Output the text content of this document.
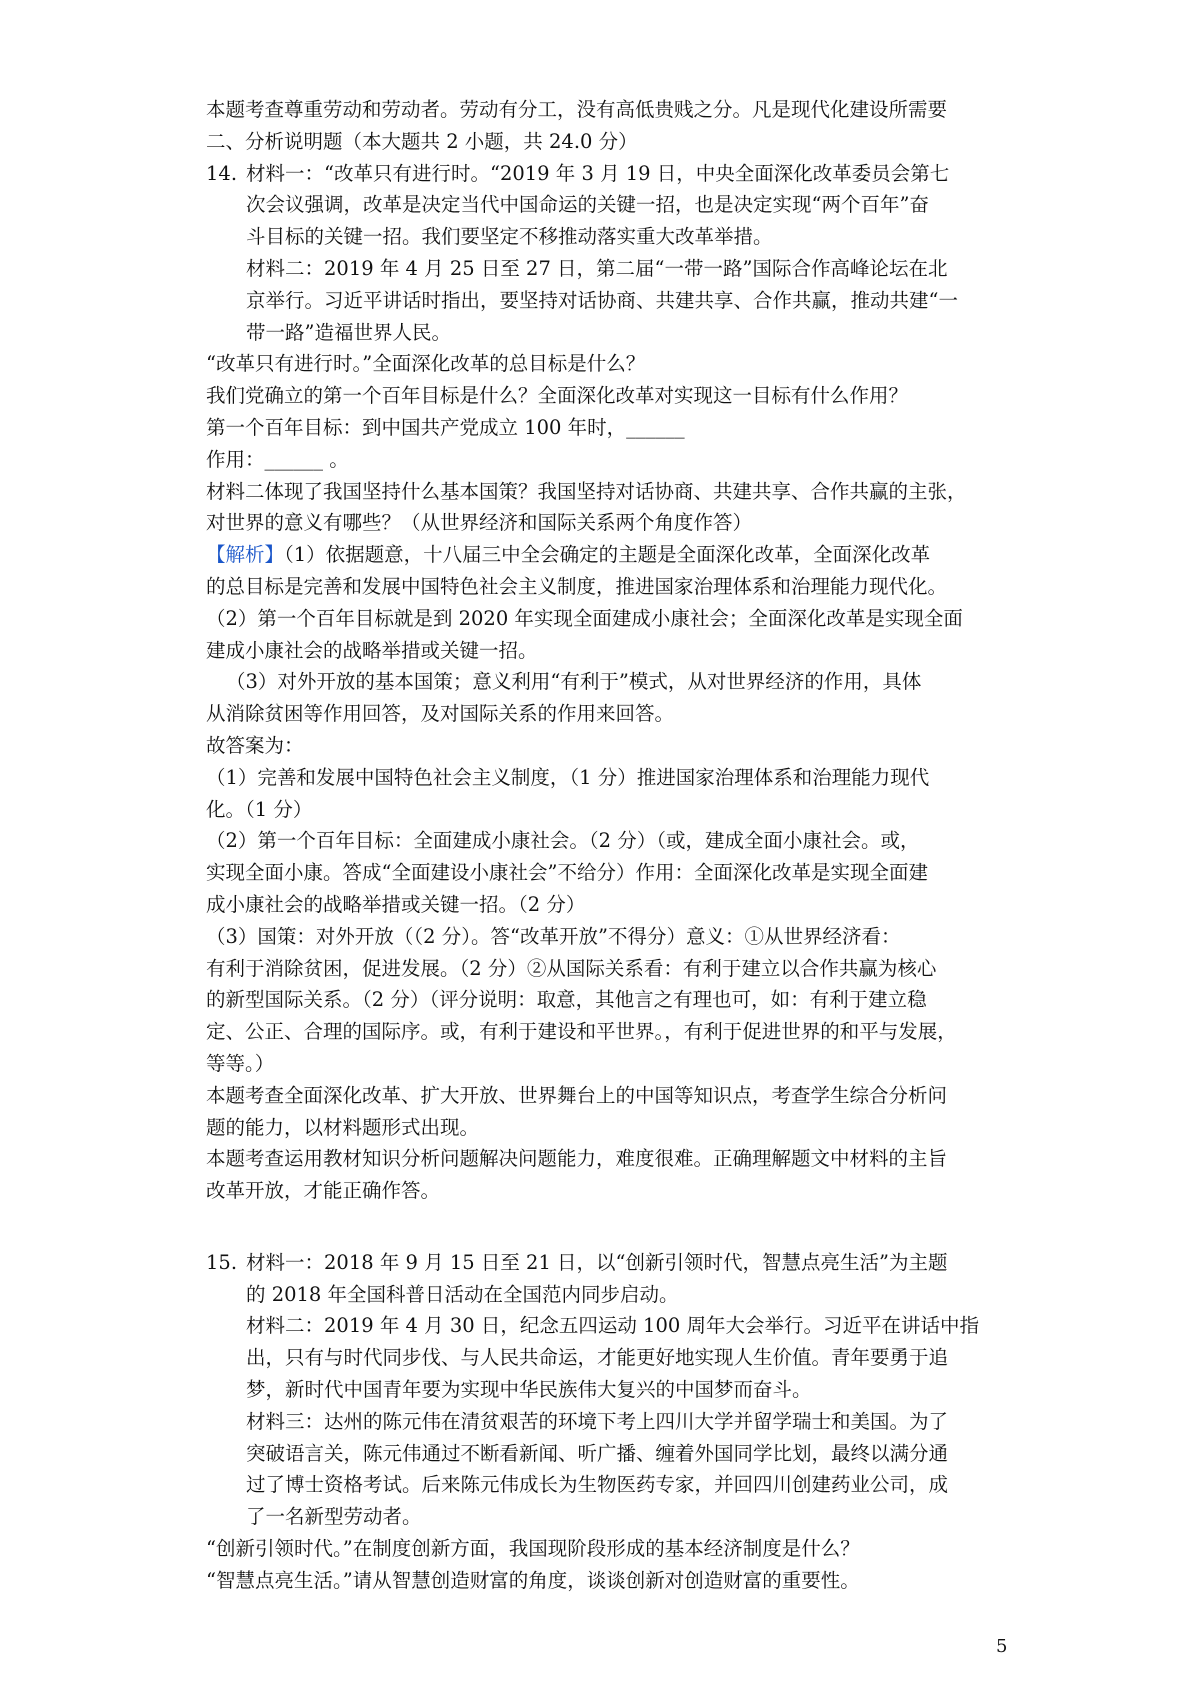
本题考查尊重劳动和劳动者。劳动有分工，没有高低贵贱之分。凡是现代化建设所需要
二、分析说明题（本大题共 2 小题，共 24.0 分）
14. 材料一：“改革只有进行时。“2019 年 3 月 19 日，中央全面深化改革委员会第七
次会议强调，改革是决定当代中国命运的关键一招，也是决定实现“两个百年”奋
斗目标的关键一招。我们要坚定不移推动落实重大改革举措。
材料二：2019 年 4 月 25 日至 27 日，第二届“一带一路”国际合作高峰论坛在北
京举行。习近平讲话时指出，要坚持对话协商、共建共享、合作共赢，推动共建“一
带一路”造福世界人民。
“改革只有进行时。”全面深化改革的总目标是什么？
我们党确立的第一个百年目标是什么？全面深化改革对实现这一目标有什么作用？
第一个百年目标：到中国共产党成立 100 年时，______
作用：______ 。
材料二体现了我国坚持什么基本国策？我国坚持对话协商、共建共享、合作共赢的主张，
对世界的意义有哪些？（从世界经济和国际关系两个角度作答）
【解析】（1）依据题意，十八届三中全会确定的主题是全面深化改革，全面深化改革
的总目标是完善和发展中国特色社会主义制度，推进国家治理体系和治理能力现代化。
（2）第一个百年目标就是到 2020 年实现全面建成小康社会；全面深化改革是实现全面
建成小康社会的战略举措或关键一招。
（3）对外开放的基本国策；意义利用“有利于”模式，从对世界经济的作用，具体
从消除贫困等作用回答，及对国际关系的作用来回答。
故答案为：
（1）完善和发展中国特色社会主义制度，（1 分）推进国家治理体系和治理能力现代
化。（1 分）
（2）第一个百年目标：全面建成小康社会。（2 分）（或，建成全面小康社会。或，
实现全面小康。答成“全面建设小康社会”不给分）作用：全面深化改革是实现全面建
成小康社会的战略举措或关键一招。（2 分）
（3）国策：对外开放（（2 分）。答“改革开放”不得分）意义：①从世界经济看：
有利于消除贫困，促进发展。（2 分）②从国际关系看：有利于建立以合作共赢为核心
的新型国际关系。（2 分）（评分说明：取意，其他言之有理也可，如：有利于建立稳
定、公正、合理的国际序。或，有利于建设和平世界。，有利于促进世界的和平与发展，
等等。）
本题考查全面深化改革、扩大开放、世界舞台上的中国等知识点，考查学生综合分析问
题的能力，以材料题形式出现。
本题考查运用教材知识分析问题解决问题能力，难度很难。正确理解题文中材料的主旨
改革开放，才能正确作答。
15. 材料一：2018 年 9 月 15 日至 21 日，以“创新引领时代，智慧点亮生活”为主题
的 2018 年全国科普日活动在全国范内同步启动。
材料二：2019 年 4 月 30 日，纪念五四运动 100 周年大会举行。习近平在讲话中指
出，只有与时代同步伐、与人民共命运，才能更好地实现人生价值。青年要勇于追
梦，新时代中国青年要为实现中华民族伟大复兴的中国梦而奋斗。
材料三：达州的陈元伟在清贫艰苦的环境下考上四川大学并留学瑞士和美国。为了
突破语言关，陈元伟通过不断看新闻、听广播、缠着外国同学比划，最终以满分通
过了博士资格考试。后来陈元伟成长为生物医药专家，并回四川创建药业公司，成
了一名新型劳动者。
“创新引领时代。”在制度创新方面，我国现阶段形成的基本经济制度是什么？
“智慧点亮生活。”请从智慧创造财富的角度，谈谈创新对创造财富的重要性。
5
